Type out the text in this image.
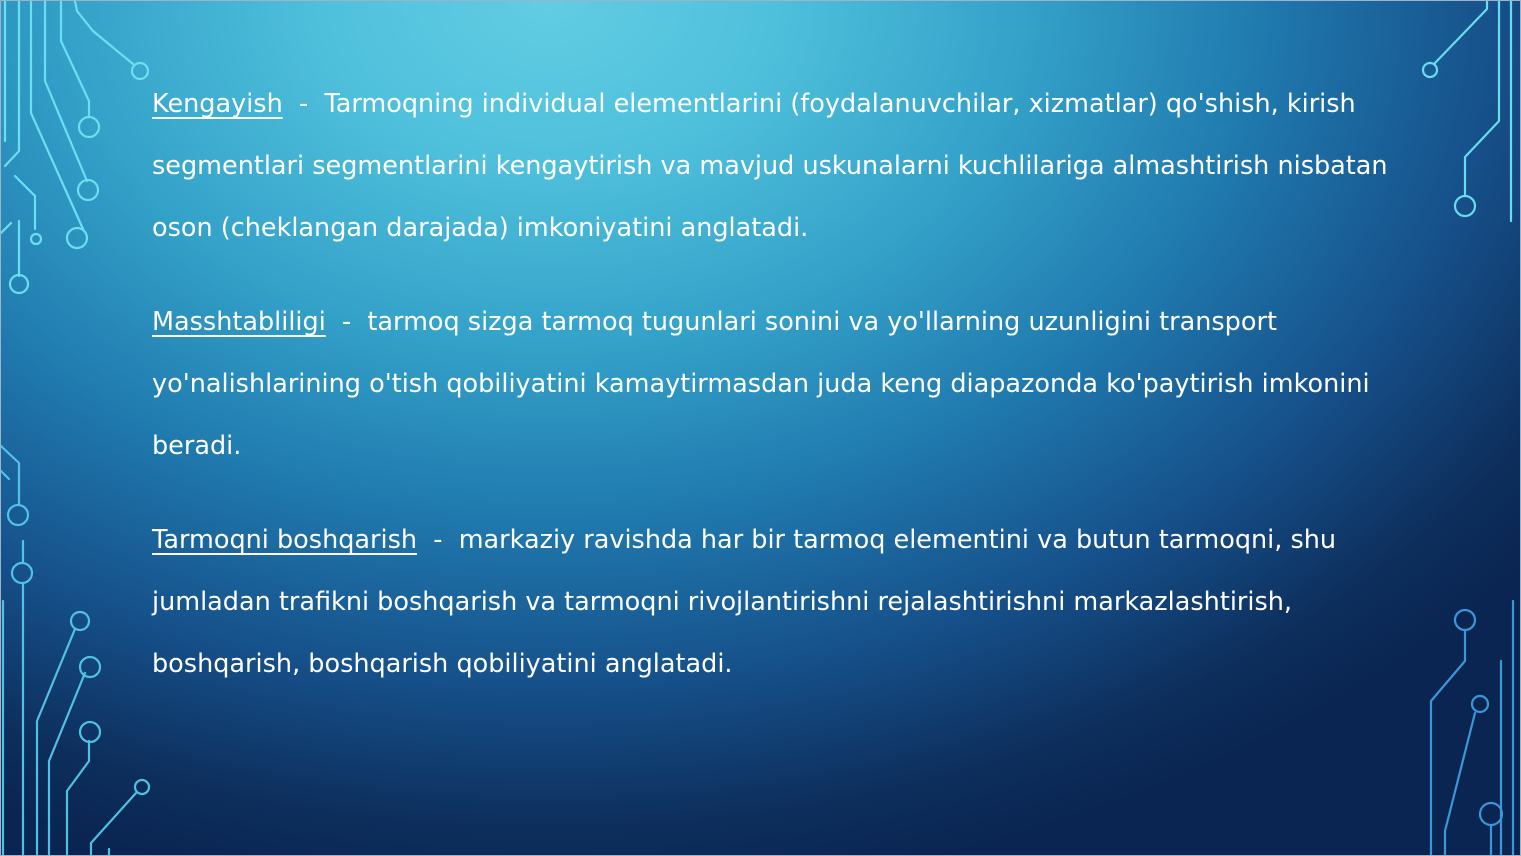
Kengayish  -  Tarmoqning individual elementlarini (foydalanuvchilar, xizmatlar) qo'shish, kirish segmentlari segmentlarini kengaytirish va mavjud uskunalarni kuchlilariga almashtirish nisbatan oson (cheklangan darajada) imkoniyatini anglatadi.

Masshtabliligi  -  tarmoq sizga tarmoq tugunlari sonini va yo'llarning uzunligini transport yo'nalishlarining o'tish qobiliyatini kamaytirmasdan juda keng diapazonda ko'paytirish imkonini beradi.

Tarmoqni boshqarish  -  markaziy ravishda har bir tarmoq elementini va butun tarmoqni, shu jumladan trafikni boshqarish va tarmoqni rivojlantirishni rejalashtirishni markazlashtirish, boshqarish, boshqarish qobiliyatini anglatadi.
